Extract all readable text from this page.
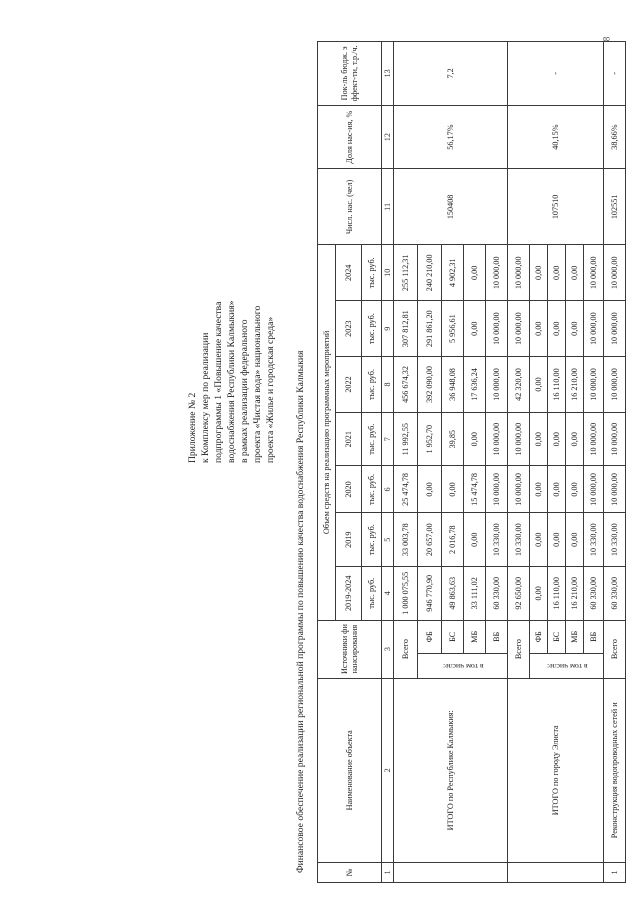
8
Приложение № 2 к Комплексу мер по реализации подпрограммы 1 «Повышение качества водоснабжения Республики Калмыкия» в рамках реализации федерального проекта «Чистая вода» национального проекта «Жилье и городская среда» Финансовое обеспечение реализации региональной программы по повышению качества водоснабжения Республики Калмыкия	№	Наименование объекта	Источники финансирования		Объем средств на реализацию программных мероприятий							Числ. нас. (чел)	Доля нас-ия, %	Пок-ль бюдж. эффект-ти, т.р./ч.
				2019-2024	2019	2020	2021	2022	2023	2024			
				тыс. руб.	тыс. руб.	тыс. руб.	тыс. руб.	тыс. руб.	тыс. руб.	тыс. руб.			
1	2	3		4	5	6	7	8	9	10	11	12	13
	ИТОГО по Республике Калмыкия:	Всего		1 000 075,55	33 003,78	25 474,78	11 992,55	456 674,32	307 812,81	255 112,31	150408	56,17%	7,2

		в том числе:	ФБ	946 770,90	20 657,00	0,00	1 952,70	392 090,00	291 861,20	240 210,00			
			БС	49 863,63	2 016,78	0,00	39,85	36 948,08	5 956,61	4 902,31			
			МБ	33 111,02	0,00	15 474,78	0,00	17 636,24	0,00	0,00			
			ВБ	60 330,00	10 330,00	10 000,00	10 000,00	10 000,00	10 000,00	10 000,00			
	ИТОГО по городу Элиста	Всего		92 650,00	10 330,00	10 000,00	10 000,00	42 320,00	10 000,00	10 000,00	107510	40,15%	-

		в том числе:	ФБ	0,00	0,00	0,00	0,00	0,00	0,00	0,00			
			БС	16 110,00	0,00	0,00	0,00	16 110,00	0,00	0,00			
			МБ	16 210,00	0,00	0,00	0,00	16 210,00	0,00	0,00			
			ВБ	60 330,00	10 330,00	10 000,00	10 000,00	10 000,00	10 000,00	10 000,00			
1	Реконструкция водопроводных сетей и	Всего		60 330,00	10 330,00	10 000,00	10 000,00	10 000,00	10 000,00	10 000,00	102551	38,66%	-
